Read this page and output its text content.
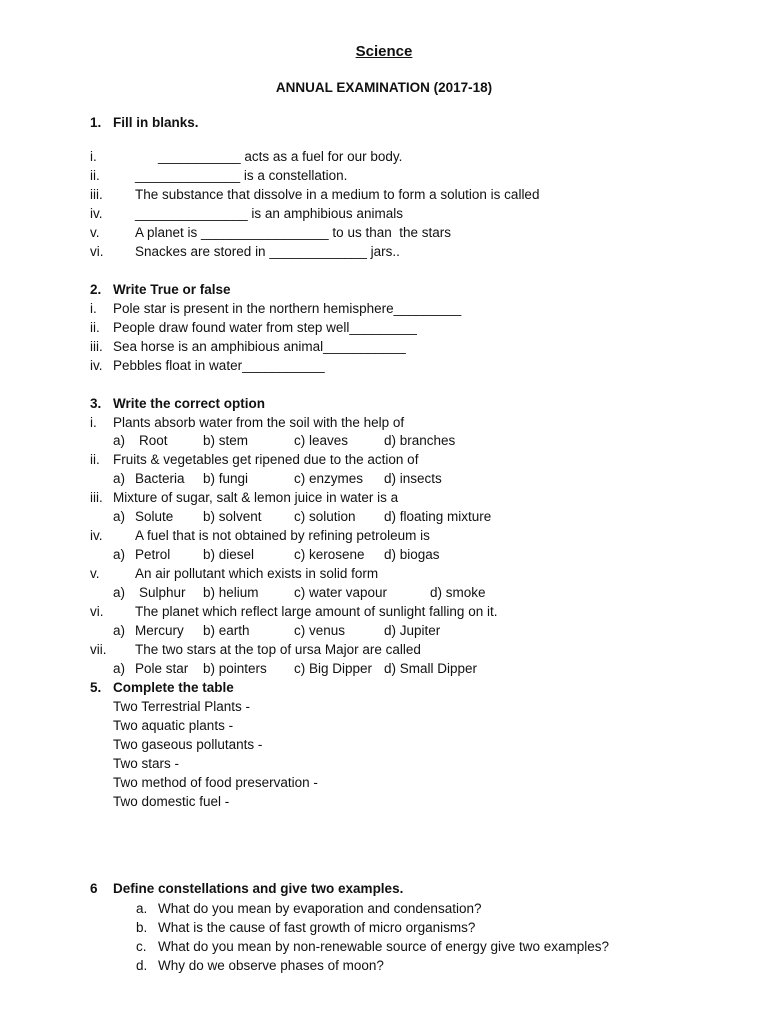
Science
ANNUAL EXAMINATION (2017-18)
1. Fill in blanks.
i.	___________ acts as a fuel for our body.
ii.	______________ is a constellation.
iii. The substance that dissolve in a medium to form a solution is called
iv. _______________ is an amphibious animals
v.	A planet is _________________ to us than  the stars
vi. Snackes are stored in _____________ jars..
2. Write True or false
i. Pole star is present in the northern hemisphere_________
ii. People draw found water from step well_________
iii. Sea horse is an amphibious animal___________
iv. Pebbles float in water___________
3. Write the correct option
i. Plants absorb water from the soil with the help of
a) Root	b) stem	c) leaves	d) branches
ii. Fruits & vegetables get ripened due to the action of
a) Bacteria b) fungi	c) enzymes d) insects
iii. Mixture of sugar, salt & lemon juice in water is a
a) Solute b) solvent c) solution d) floating mixture
iv. A fuel that is not obtained by refining petroleum is
a) Petrol b) diesel	c) kerosene d) biogas
v.	An air pollutant which exists in solid form
a) Sulphur b) helium	c) water vapour	d) smoke
vi. The planet which reflect large amount of sunlight falling on it.
a) Mercury b) earth	c) venus	d) Jupiter
vii. The two stars at the top of ursa Major are called
a) Pole star b) pointers c) Big Dipper d) Small Dipper
5. Complete the table
Two Terrestrial Plants -
Two aquatic plants -
Two gaseous pollutants -
Two stars -
Two method of food preservation -
Two domestic fuel -
6 Define constellations and give two examples.
a. What do you mean by evaporation and condensation?
b. What is the cause of fast growth of micro organisms?
c. What do you mean by non-renewable source of energy give two examples?
d. Why do we observe phases of moon?
